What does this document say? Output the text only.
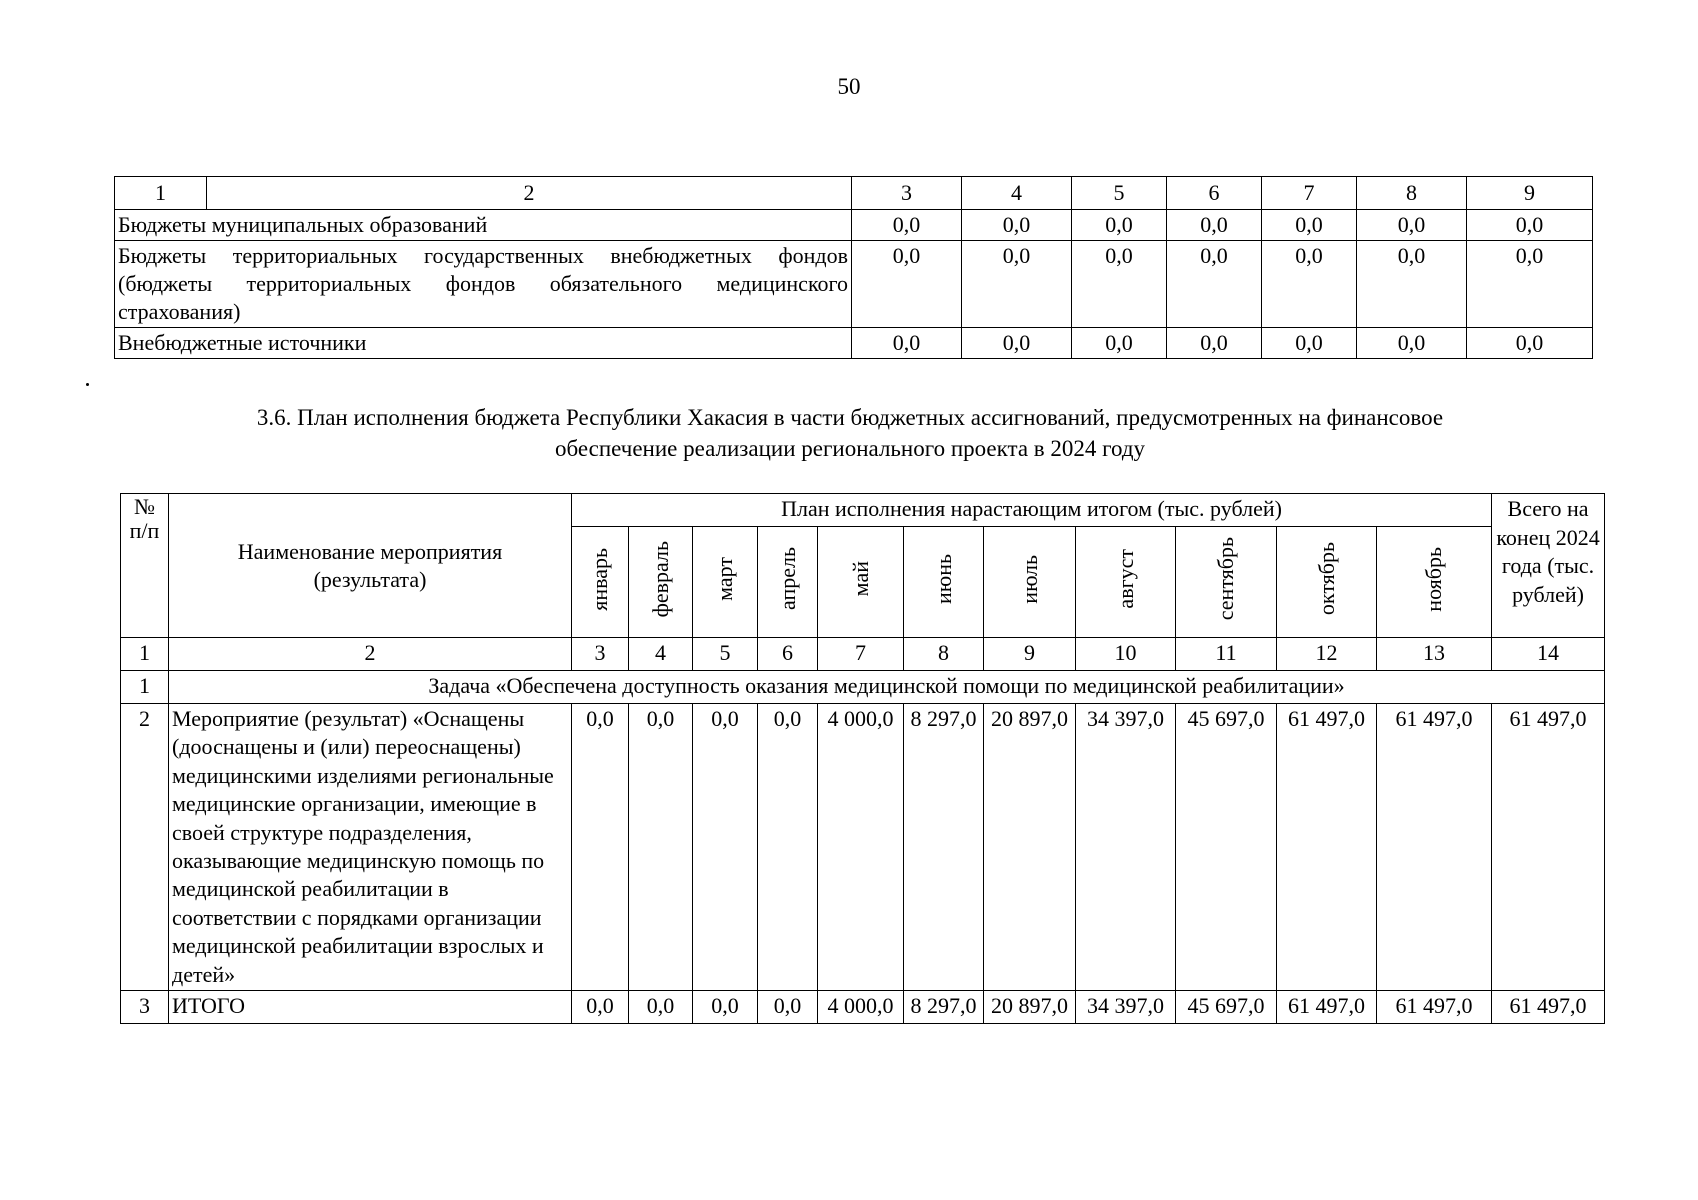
50
1	2	3	4	5	6	7	8	9
Бюджеты муниципальных образований		0,0	0,0	0,0	0,0	0,0	0,0	0,0
Бюджеты территориальных государственных внебюджетных фондов (бюджеты территориальных фондов обязательного медицинского страхования)		0,0	0,0	0,0	0,0	0,0	0,0	0,0
Внебюджетные источники		0,0	0,0	0,0	0,0	0,0	0,0	0,0
3.6. План исполнения бюджета Республики Хакасия в части бюджетных ассигнований, предусмотренных на финансовое
обеспечение реализации регионального проекта в 2024 году
№ п/п	Наименование мероприятия (результата)	План исполнения нарастающим итогом (тыс. рублей)											Всего на конец 2024 года (тыс. рублей)
		январь	февраль	март	апрель	май	июнь	июль	август	сентябрь	октябрь	ноябрь	
1	2	3	4	5	6	7	8	9	10	11	12	13	14
1	Задача «Обеспечена доступность оказания медицинской помощи по медицинской реабилитации»												
2	Мероприятие (результат) «Оснащены (дооснащены и (или) переоснащены) медицинскими изделиями региональные медицинские организации, имеющие в своей структуре подразделения, оказывающие медицинскую помощь по медицинской реабилитации в соответствии с порядками организации медицинской реабилитации взрослых и детей»	0,0	0,0	0,0	0,0	4 000,0	8 297,0	20 897,0	34 397,0	45 697,0	61 497,0	61 497,0	61 497,0
3	ИТОГО	0,0	0,0	0,0	0,0	4 000,0	8 297,0	20 897,0	34 397,0	45 697,0	61 497,0	61 497,0	61 497,0
